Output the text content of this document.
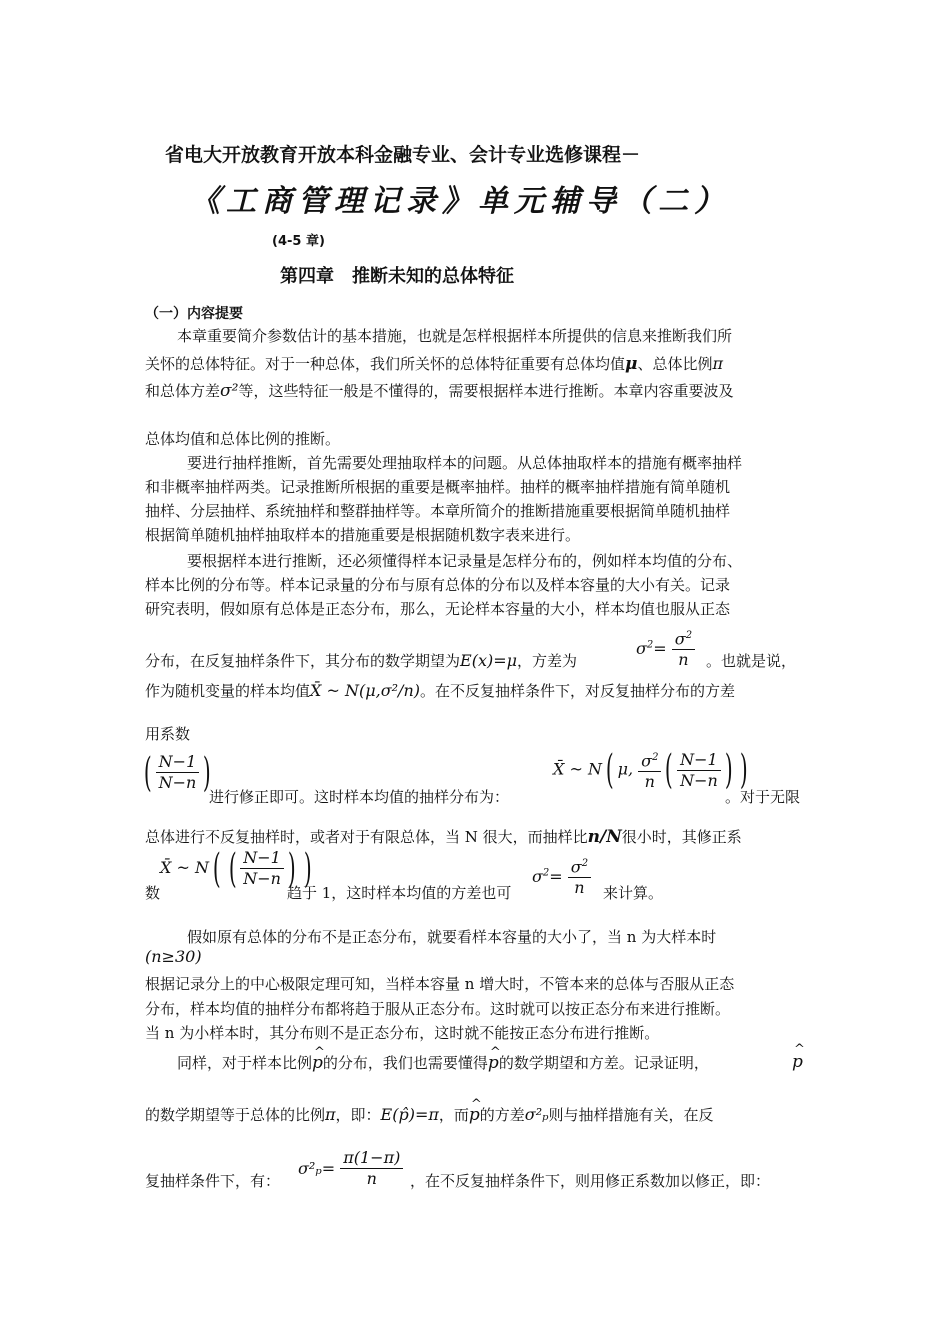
省电大开放教育开放本科金融专业、会计专业选修课程－
《工商管理记录》单元辅导（二）
(4-5 章)
第四章　推断未知的总体特征
（一）内容提要
本章重要简介参数估计的基本措施，也就是怎样根据样本所提供的信息来推断我们所
关怀的总体特征。对于一种总体，我们所关怀的总体特征重要有总体均值μ、总体比例π
和总体方差σ²等，这些特征一般是不懂得的，需要根据样本进行推断。本章内容重要波及
总体均值和总体比例的推断。
要进行抽样推断，首先需要处理抽取样本的问题。从总体抽取样本的措施有概率抽样
和非概率抽样两类。记录推断所根据的重要是概率抽样。抽样的概率抽样措施有简单随机
抽样、分层抽样、系统抽样和整群抽样等。本章所简介的推断措施重要根据简单随机抽样
根据简单随机抽样抽取样本的措施重要是根据随机数字表来进行。
要根据样本进行推断，还必须懂得样本记录量是怎样分布的，例如样本均值的分布、
样本比例的分布等。样本记录量的分布与原有总体的分布以及样本容量的大小有关。记录
研究表明，假如原有总体是正态分布，那么，无论样本容量的大小，样本均值也服从正态
分布，在反复抽样条件下，其分布的数学期望为E(x)=μ，方差为
$\sigma^2= \frac{\sigma^2}{n}$ 。也就是说，
作为随机变量的样本均值X̄ ~ N(μ,σ²/n)。在不反复抽样条件下，对反复抽样分布的方差
用系数
( $\frac{N-1}{N-n}$ )
进行修正即可。这时样本均值的抽样分布为：
X̄ ~ N( μ, $\frac{\sigma^2}{n}$ ( $\frac{N-1}{N-n}$ ) )
。对于无限
总体进行不反复抽样时，或者对于有限总体，当 N 很大，而抽样比n/N很小时，其修正系
X̄ ~ N( ( $\frac{N-1}{N-n}$ ) )
数	趋于 1，这时样本均值的方差也可
$\sigma^2= \frac{\sigma^2}{n}$ 来计算。
假如原有总体的分布不是正态分布，就要看样本容量的大小了，当 n 为大样本时
(n≥30)
根据记录分上的中心极限定理可知，当样本容量 n 增大时，不管本来的总体与否服从正态
分布，样本均值的抽样分布都将趋于服从正态分布。这时就可以按正态分布来进行推断。
当 n 为小样本时，其分布则不是正态分布，这时就不能按正态分布进行推断。
同样，对于样本比例^ p的分布，我们也需要懂得^ p的数学期望和方差。记录证明，	^ p
的数学期望等于总体的比例π，即：E(p̂)=π，而^ p的方差σ²ₚ则与抽样措施有关，在反
复抽样条件下，有：
$\sigma^2_p= \frac{\pi(1-\pi)}{n}$ ，在不反复抽样条件下，则用修正系数加以修正，即：
